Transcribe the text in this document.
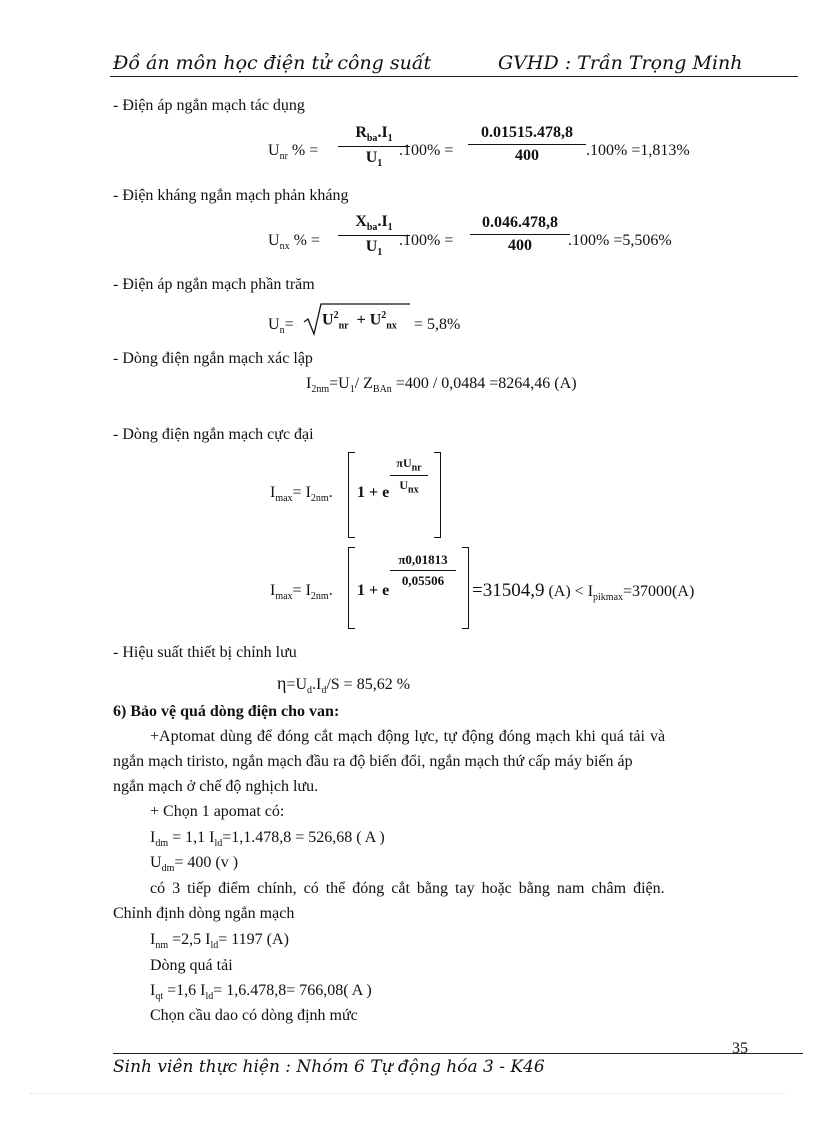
Đồ án môn học điện tử công suất	GVHD : Trần Trọng Minh
- Điện áp ngắn mạch tác dụng
$U_{nr}$ % =
$R_{ba}.I_1$
$U_1$
$.100\% = \frac{0.01515.478,8}{400} .100\% =1,813\%$
- Điện kháng ngắn mạch phản kháng
$U_{nx}$ % =
$X_{ba}.I_1$
$U_1$
$.100\% = \frac{0.046.478,8}{400}$
.100% =5,506%
- Điện áp ngắn mạch phần trăm
$U_n= U^2_{nr} + U^2_{nx} = 5,8\%$
- Dòng điện ngắn mạch xác lập
$I_{2nm}=U_1/$ $Z_{BAn} =400 / 0,0484 =8264,46$ (A)
- Dòng điện ngắn mạch cực đại
$I_{max}= I_{2nm}$. 1 + e
$\pi U_{nr}$
$U_{nx}$
$I_{max}= I_{2nm}$. 1 + e
$\frac{\pi 0,01813}{0,05506}$
=31504,9 $(A) < I_{pikmax}=37000(A)$
- Hiệu suất thiết bị chỉnh lưu
$\eta=U_d.I_d/S = 85,62$ %
6) Bảo vệ quá dòng điện cho van:
+Aptomat dùng để đóng cắt mạch động lực, tự động đóng mạch khi quá tải và
ngắn mạch tiristo, ngắn mạch đầu ra độ biến đổi, ngắn mạch thứ cấp máy biến áp
ngắn mạch ở chế độ nghịch lưu.
+ Chọn 1 apomat có:
$I_{dm} = 1,1$ $I_{ld}=1,1.478,8 = 526,68$ ( A )
$U_{dm}= 400$ (v )
có 3 tiếp điểm chính, có thể đóng cắt bằng tay hoặc bằng nam châm điện.
Chỉnh định dòng ngắn mạch
$I_{nm} =2,5$ $I_{ld}= 1197$ (A)
Dòng quá tải
$I_{qt} =1,6$ $I_{ld}= 1,6.478,8= 766,08$( A )
Chọn cầu dao có dòng định mức
35
Sinh viên thực hiện : Nhóm 6 Tự động hóa 3 - K46
